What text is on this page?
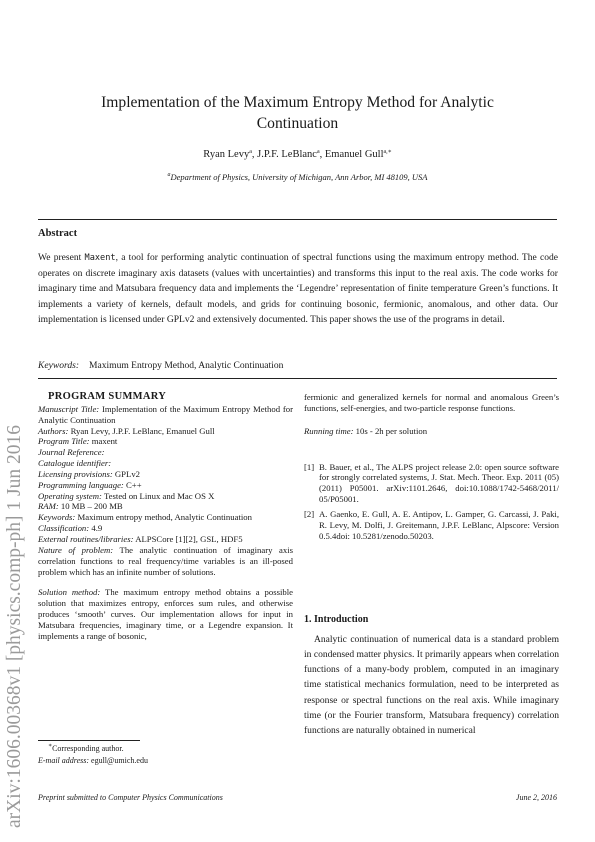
arXiv:1606.00368v1 [physics.comp-ph] 1 Jun 2016
Implementation of the Maximum Entropy Method for Analytic Continuation
Ryan Levy$^a$, J.P.F. LeBlanc$^a$, Emanuel Gull$^{a,∗}$
$^a$Department of Physics, University of Michigan, Ann Arbor, MI 48109, USA
Abstract

We present Maxent, a tool for performing analytic continuation of spectral functions using the maximum entropy method. The code operates on discrete imaginary axis datasets (values with uncertainties) and transforms this input to the real axis. The code works for imaginary time and Matsubara frequency data and implements the ‘Legendre’ representation of finite temperature Green’s functions. It implements a variety of kernels, default models, and grids for continuing bosonic, fermionic, anomalous, and other data. Our implementation is licensed under GPLv2 and extensively documented. This paper shows the use of the programs in detail.

Keywords: Maximum Entropy Method, Analytic Continuation
PROGRAM SUMMARY

Manuscript Title: Implementation of the Maximum Entropy Method for Analytic Continuation

Authors: Ryan Levy, J.P.F. LeBlanc, Emanuel Gull

Program Title: maxent

Journal Reference:

Catalogue identifier:

Licensing provisions: GPLv2

Programming language: C++

Operating system: Tested on Linux and Mac OS X

RAM: 10 MB – 200 MB

Keywords: Maximum entropy method, Analytic Continuation

Classification: 4.9

External routines/libraries: ALPSCore [1][2], GSL, HDF5

Nature of problem: The analytic continuation of imaginary axis correlation functions to real frequency/time variables is an ill-posed problem which has an infinite number of solutions.

Solution method: The maximum entropy method obtains a possible solution that maximizes entropy, enforces sum rules, and otherwise produces ‘smooth’ curves. Our implementation allows for input in Matsubara frequencies, imaginary time, or a Legendre expansion. It implements a range of bosonic,

fermionic and generalized kernels for normal and anomalous Green’s functions, self-energies, and two-particle response functions.

Running time: 10s - 2h per solution

[1] B. Bauer, et al., The ALPS project release 2.0: open source software for strongly correlated systems, J. Stat. Mech. Theor. Exp. 2011 (05) (2011) P05001. arXiv:1101.2646, doi:10.1088/1742-5468/2011/ 05/P05001.

[2] A. Gaenko, E. Gull, A. E. Antipov, L. Gamper, G. Carcassi, J. Paki, R. Levy, M. Dolfi, J. Greitemann, J.P.F. LeBlanc, Alpscore: Version 0.5.4doi: 10.5281/zenodo.50203.

1. Introduction

Analytic continuation of numerical data is a standard problem in condensed matter physics. It primarily appears when correlation functions of a many-body problem, computed in an imaginary time statistical mechanics formulation, need to be interpreted as response or spectral functions on the real axis. While imaginary time (or the Fourier transform, Matsubara frequency) correlation functions are naturally obtained in numerical

∗Corresponding author.
E-mail address: egull@umich.edu
Preprint submitted to Computer Physics Communications	June 2, 2016
